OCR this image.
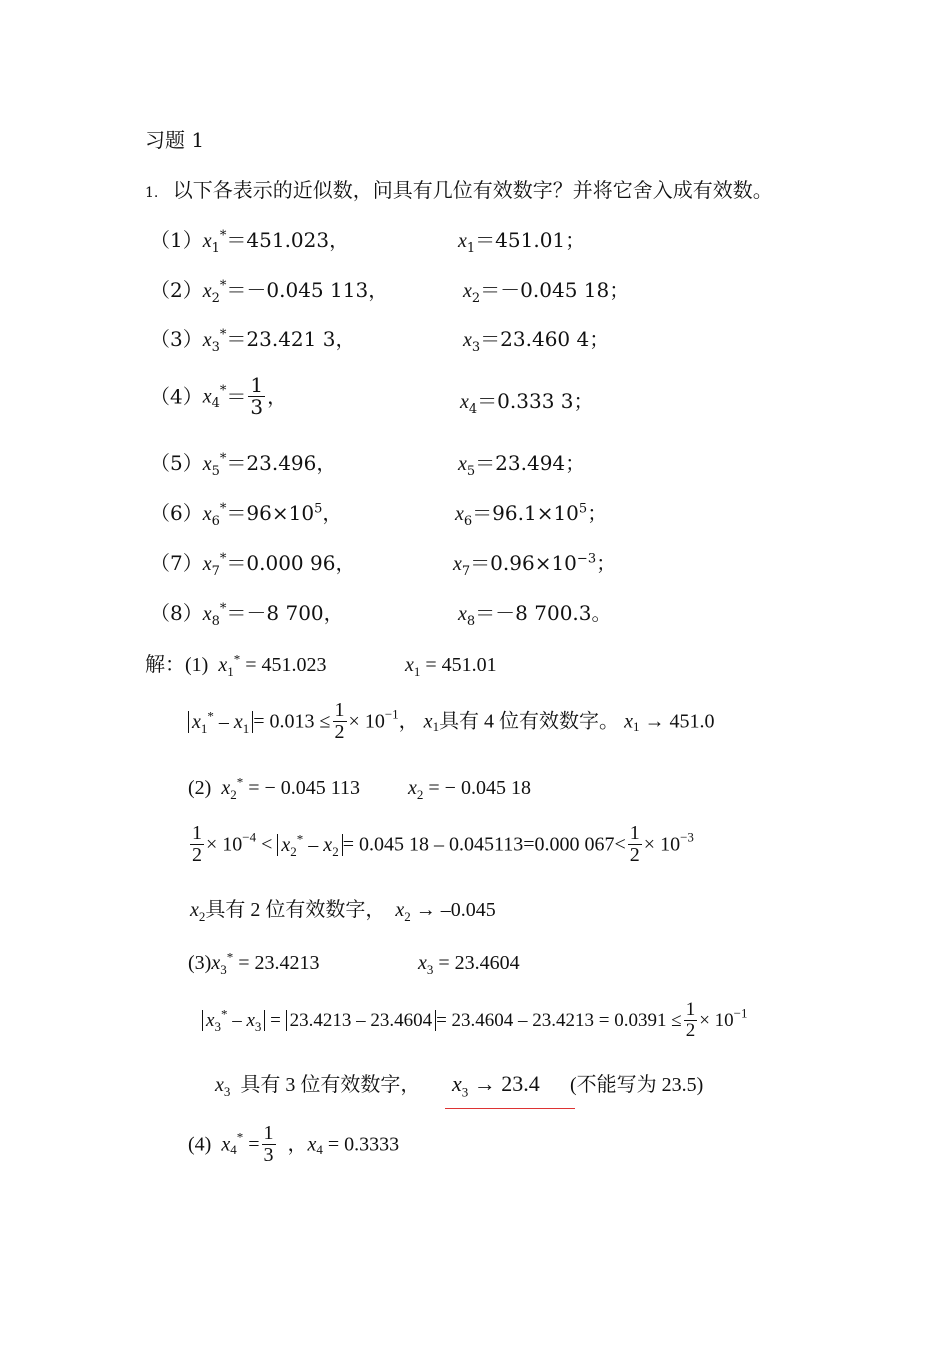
习题 1
1. 以下各表示的近似数，问具有几位有效数字？并将它舍入成有效数。
$(1)x_1^*=451.023$，	$x_1=451.01$；
$(2)x_2^*=-0.045$ 113，	$x_2=-0.045$ 18；
$(3)x_3^*=23.421$ 3，	$x_3=23.460$ 4；
$(4)x_4^*= \frac{1}{3}$ ，	$x_4=0.333$ 3；
$(5)x_5^*=23.496$，	$x_5=23.494$；
$(6)x_6^*=96\times 10^5$，	$x_6=96.1\times 10^5$；
$(7)x_7^*=0.000$ 96，	$x_7=0.96\times 10^{-3}$；
$(8)x_8^*=-8$ 700，	$x_8=-8$ 700.3。
解：(1) $x_1^* = 451.023$	$x_1 = 451.01$
$x_1^* - x_1 = 0.013 \le \frac{1}{2} \times 10^{-1}$， $x_1$具有 4 位有效数字。 $x_1 \to 451.0$
(2) $x_2^*$ = − 0.045 113 $x_2$ = − 0.045 18
$\frac{1}{2} \times 10^{-4} < x_2^* - x_2 = 0.045$ 18 – 0.045113=0.000 $067< \frac{1}{2} \times 10^{-3}$
$x_2$具有 2 位有效数字， $x_2 \to -0.045$
$(3)x_3^* = 23.4213$	$x_3 = 23.4604$
$x_3^* - x_3 = 23.4213 - 23.4604 = 23.4604 - 23.4213 = 0.0391 \le \frac{1}{2} \times 10^{-1}$
$x_3$ 具有 3 位有效数字， $x_3 \to 23.4$ (不能写为 23.5)
(4) $x_4^* = \frac{1}{3}$ ，$x_4 = 0.3333$
